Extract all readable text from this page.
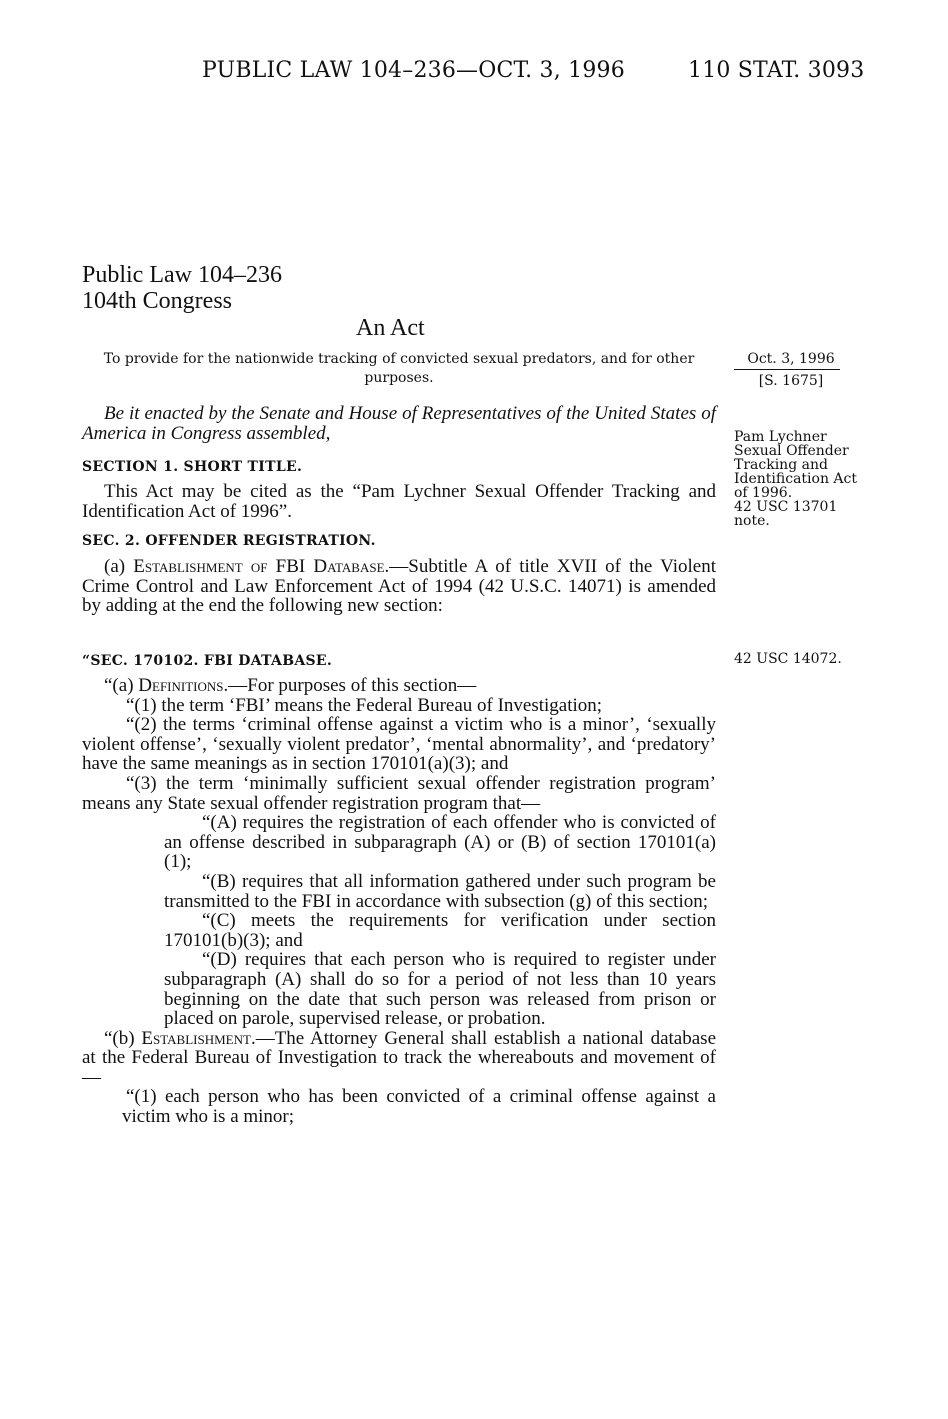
PUBLIC LAW 104–236—OCT. 3, 1996	110 STAT. 3093
Public Law 104–236
104th Congress
An Act
To provide for the nationwide tracking of convicted sexual predators, and for other
purposes.
Oct. 3, 1996
[S. 1675]
Pam Lychner
Sexual Offender
Tracking and
Identification Act
of 1996.
42 USC 13701
note.
42 USC 14072.
Be it enacted by the Senate and House of Representatives of the United States of America in Congress assembled,
SECTION 1. SHORT TITLE.
This Act may be cited as the “Pam Lychner Sexual Offender Tracking and Identification Act of 1996”.
SEC. 2. OFFENDER REGISTRATION.
(a) Establishment of FBI Database.—Subtitle A of title XVII of the Violent Crime Control and Law Enforcement Act of 1994 (42 U.S.C. 14071) is amended by adding at the end the following new section:
“SEC. 170102. FBI DATABASE.

“(a) Definitions.—For purposes of this section—

“(1) the term ‘FBI’ means the Federal Bureau of Investigation;

“(2) the terms ‘criminal offense against a victim who is a minor’, ‘sexually violent offense’, ‘sexually violent predator’, ‘mental abnormality’, and ‘predatory’ have the same meanings as in section 170101(a)(3); and

“(3) the term ‘minimally sufficient sexual offender registration program’ means any State sexual offender registration program that—

“(A) requires the registration of each offender who is convicted of an offense described in subparagraph (A) or (B) of section 170101(a)(1);

“(B) requires that all information gathered under such program be transmitted to the FBI in accordance with subsection (g) of this section;

“(C) meets the requirements for verification under section 170101(b)(3); and

“(D) requires that each person who is required to register under subparagraph (A) shall do so for a period of not less than 10 years beginning on the date that such person was released from prison or placed on parole, supervised release, or probation.

“(b) Establishment.—The Attorney General shall establish a national database at the Federal Bureau of Investigation to track the whereabouts and movement of—

“(1) each person who has been convicted of a criminal offense against a victim who is a minor;
